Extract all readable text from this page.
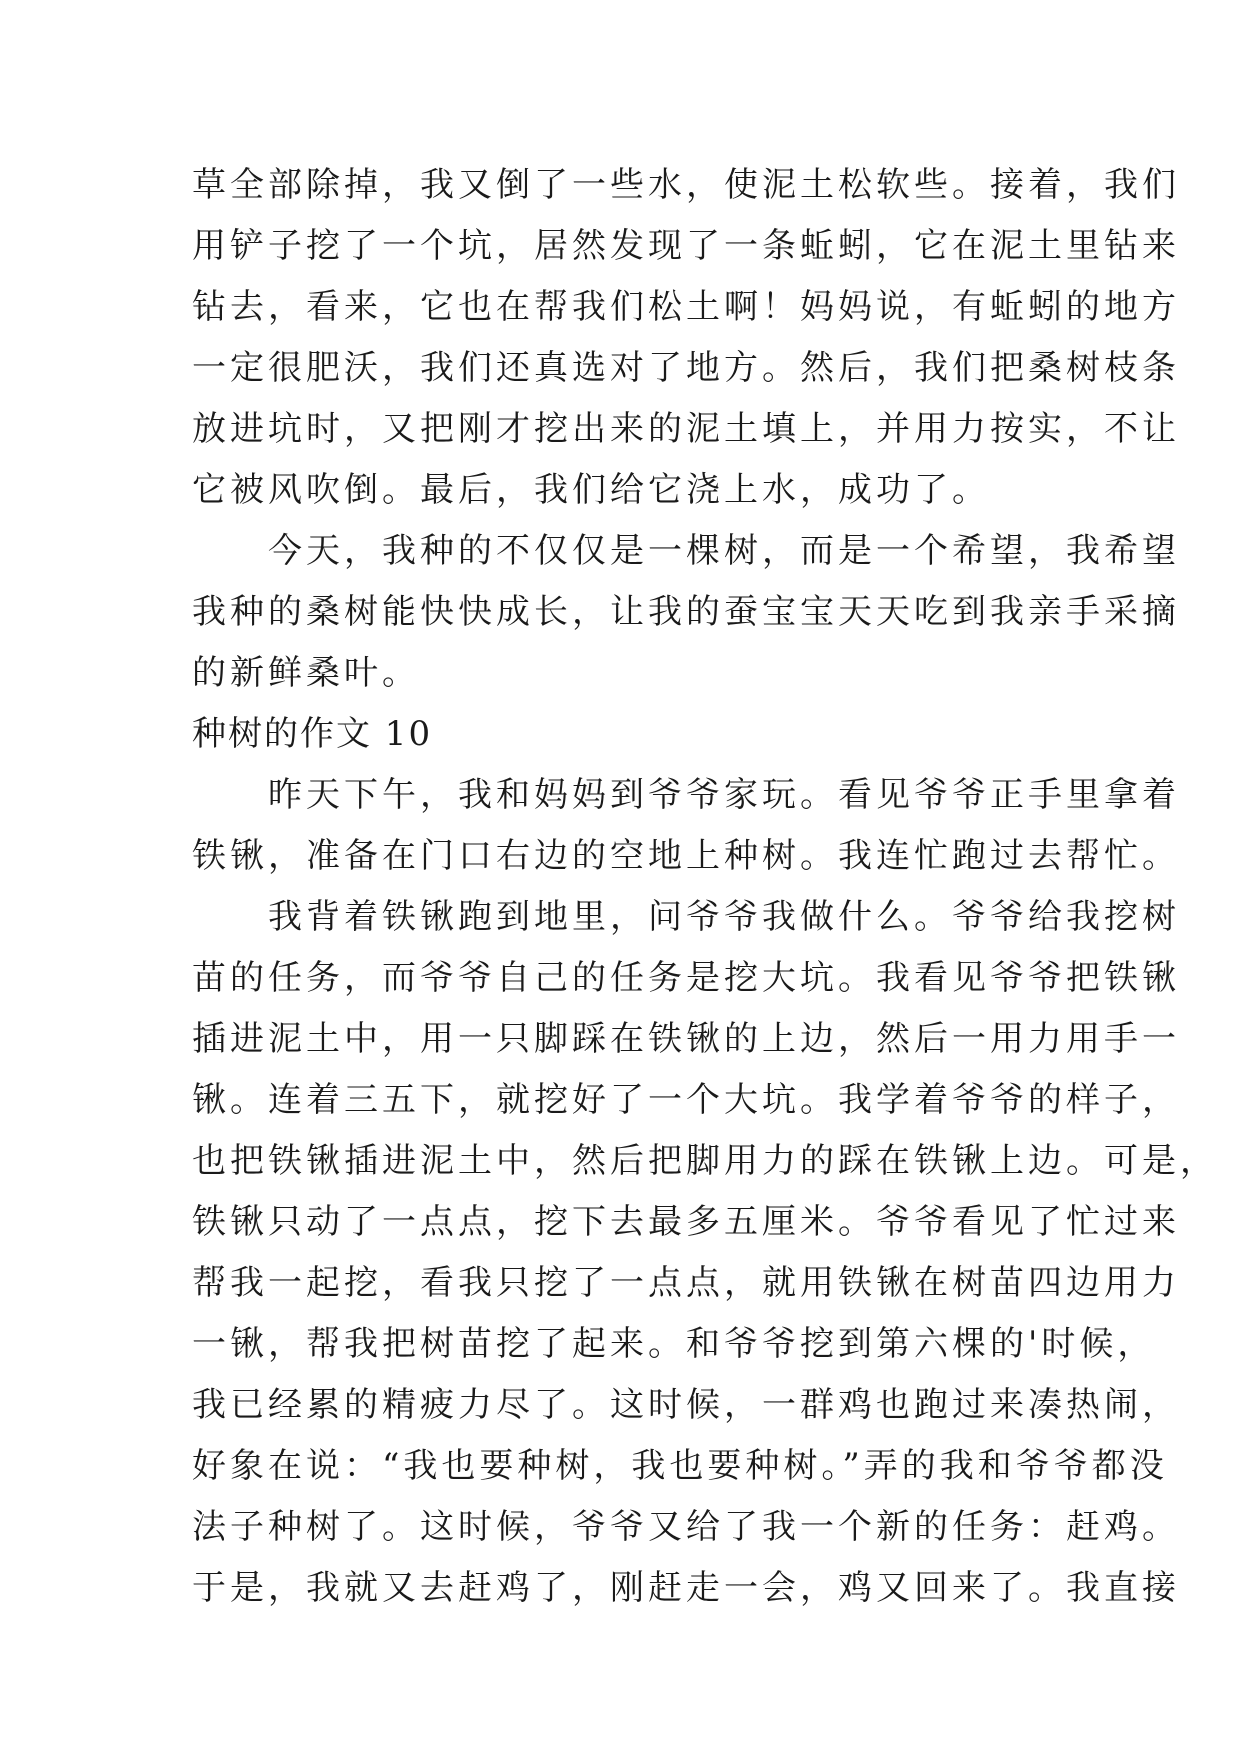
草全部除掉，我又倒了一些水，使泥土松软些。接着，我们
用铲子挖了一个坑，居然发现了一条蚯蚓，它在泥土里钻来
钻去，看来，它也在帮我们松土啊！妈妈说，有蚯蚓的地方
一定很肥沃，我们还真选对了地方。然后，我们把桑树枝条
放进坑时，又把刚才挖出来的泥土填上，并用力按实，不让
它被风吹倒。最后，我们给它浇上水，成功了。
　　今天，我种的不仅仅是一棵树，而是一个希望，我希望
我种的桑树能快快成长，让我的蚕宝宝天天吃到我亲手采摘
的新鲜桑叶。
种树的作文 10
　　昨天下午，我和妈妈到爷爷家玩。看见爷爷正手里拿着
铁锹，准备在门口右边的空地上种树。我连忙跑过去帮忙。
　　我背着铁锹跑到地里，问爷爷我做什么。爷爷给我挖树
苗的任务，而爷爷自己的任务是挖大坑。我看见爷爷把铁锹
插进泥土中，用一只脚踩在铁锹的上边，然后一用力用手一
锹。连着三五下，就挖好了一个大坑。我学着爷爷的样子，
也把铁锹插进泥土中，然后把脚用力的踩在铁锹上边。可是，
铁锹只动了一点点，挖下去最多五厘米。爷爷看见了忙过来
帮我一起挖，看我只挖了一点点，就用铁锹在树苗四边用力
一锹，帮我把树苗挖了起来。和爷爷挖到第六棵的'时候，
我已经累的精疲力尽了。这时候，一群鸡也跑过来凑热闹，
好象在说：“我也要种树，我也要种树。”弄的我和爷爷都没
法子种树了。这时候，爷爷又给了我一个新的任务：赶鸡。
于是，我就又去赶鸡了，刚赶走一会，鸡又回来了。我直接
